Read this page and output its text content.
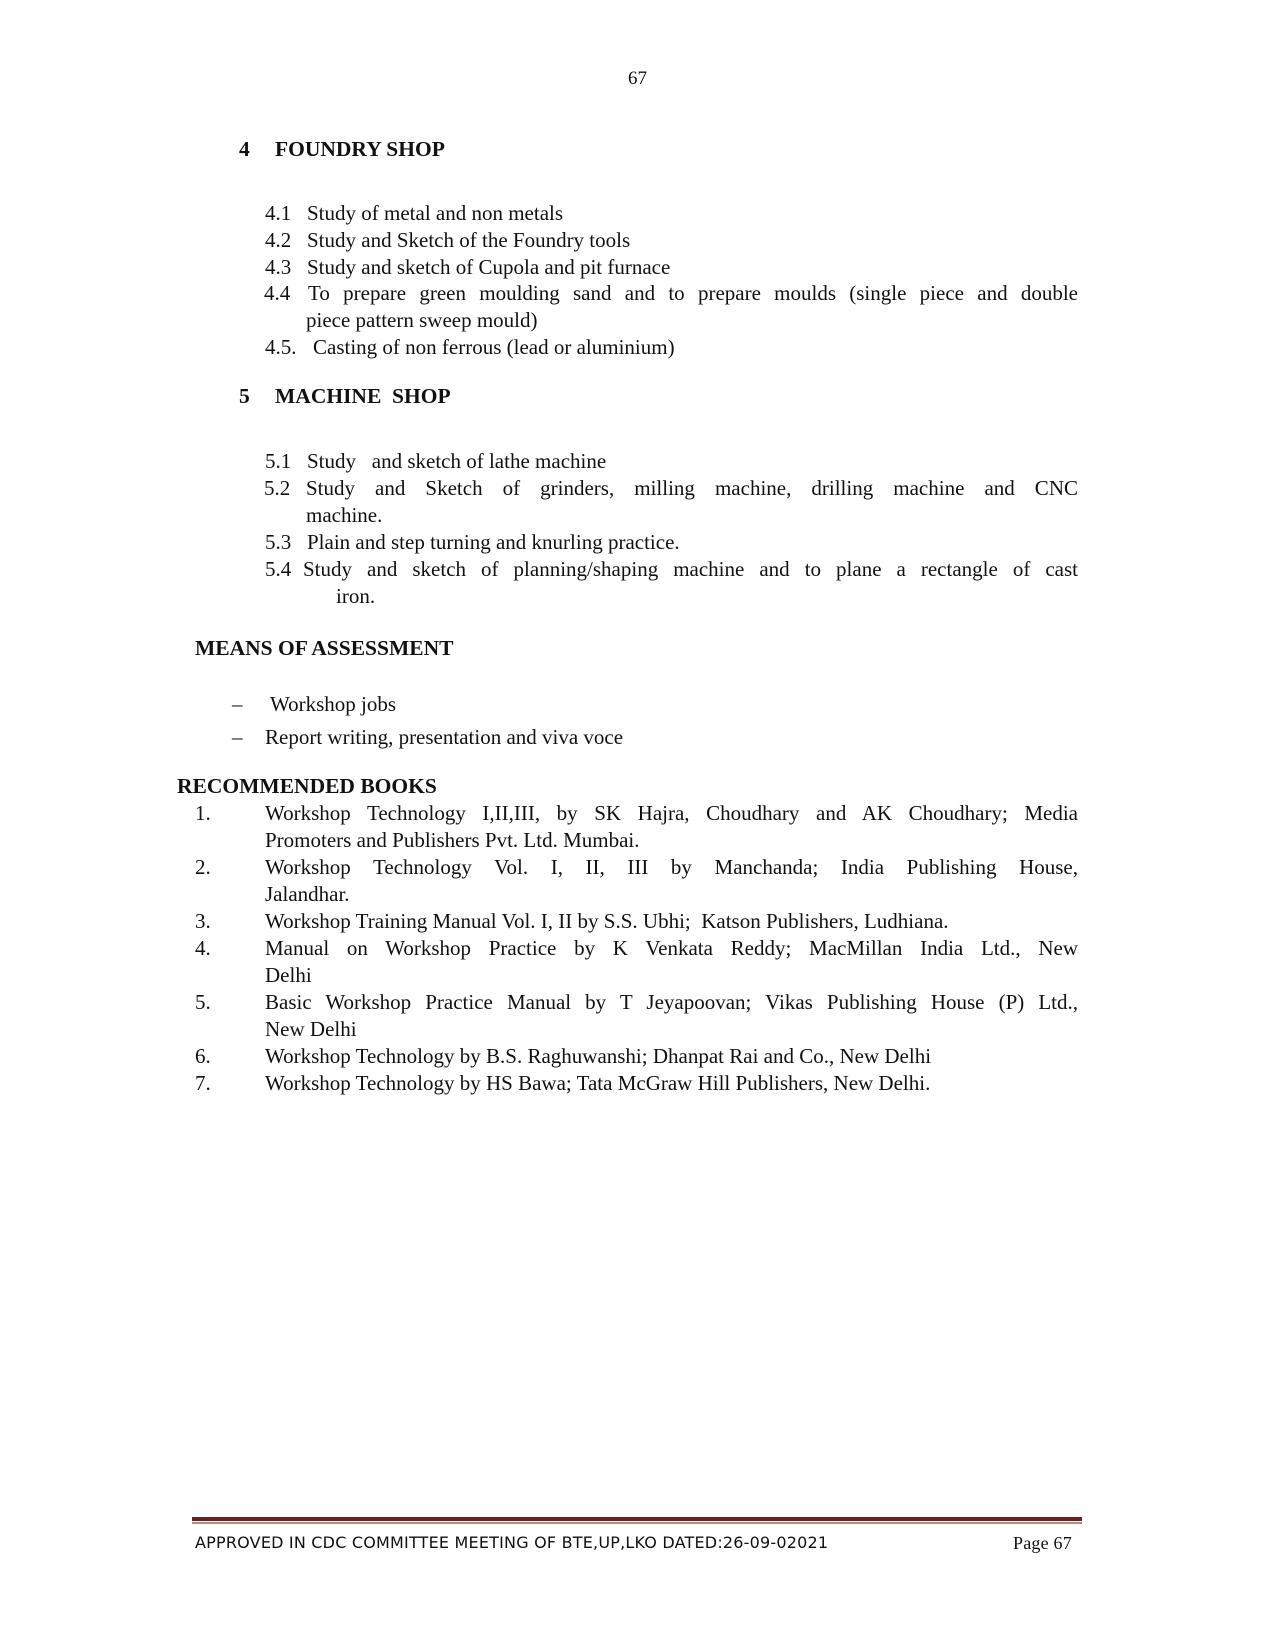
67
4 FOUNDRY SHOP
4.1 Study of metal and non metals
4.2 Study and Sketch of the Foundry tools
4.3 Study and sketch of Cupola and pit furnace
4.4 To prepare green moulding sand and to prepare moulds (single piece and double
piece pattern sweep mould)
4.5. Casting of non ferrous (lead or aluminium)
5 MACHINE  SHOP
5.1 Study   and sketch of lathe machine
5.2 Study and Sketch of grinders, milling machine, drilling machine and CNC
machine.
5.3 Plain and step turning and knurling practice.
5.4 Study and sketch of planning/shaping machine and to plane a rectangle of cast
iron.
MEANS OF ASSESSMENT
– Workshop jobs
– Report writing, presentation and viva voce
RECOMMENDED BOOKS
1.	Workshop Technology I,II,III, by SK Hajra, Choudhary and AK Choudhary; Media
Promoters and Publishers Pvt. Ltd. Mumbai.
2.	Workshop Technology Vol. I, II, III by Manchanda; India Publishing House,
Jalandhar.
3.	Workshop Training Manual Vol. I, II by S.S. Ubhi;  Katson Publishers, Ludhiana.
4.	Manual on Workshop Practice by K Venkata Reddy; MacMillan India Ltd., New
Delhi
5.	Basic Workshop Practice Manual by T Jeyapoovan; Vikas Publishing House (P) Ltd.,
New Delhi
6.	Workshop Technology by B.S. Raghuwanshi; Dhanpat Rai and Co., New Delhi
7.	Workshop Technology by HS Bawa; Tata McGraw Hill Publishers, New Delhi.
APPROVED IN CDC COMMITTEE MEETING OF BTE,UP,LKO DATED:26-09-02021	Page 67
